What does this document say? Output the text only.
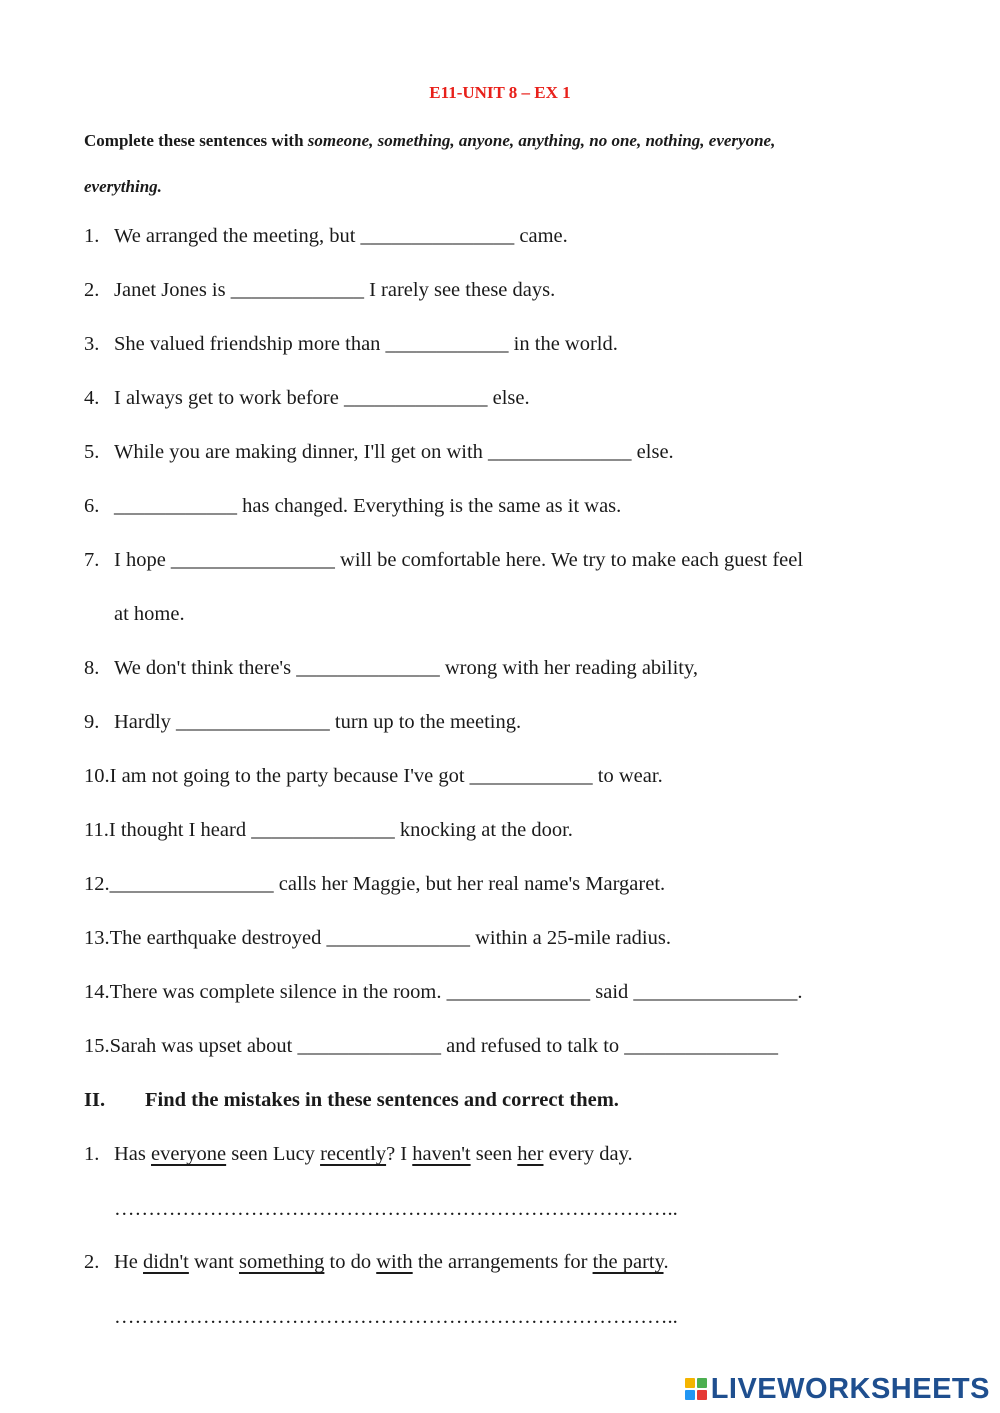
E11-UNIT 8 – EX 1
Complete these sentences with someone, something, anyone, anything, no one, nothing, everyone,
everything.
1. We arranged the meeting, but _______________ came.
2. Janet Jones is _____________ I rarely see these days.
3. She valued friendship more than ____________ in the world.
4. I always get to work before ______________ else.
5. While you are making dinner, I'll get on with ______________ else.
6. ____________ has changed. Everything is the same as it was.
7. I hope ________________ will be comfortable here. We try to make each guest feel
at home.
8. We don't think there's ______________ wrong with her reading ability,
9. Hardly _______________ turn up to the meeting.
10.I am not going to the party because I've got ____________ to wear.
11.I thought I heard ______________ knocking at the door.
12.________________ calls her Maggie, but her real name's Margaret.
13.The earthquake destroyed ______________ within a 25-mile radius.
14.There was complete silence in the room. ______________ said ________________.
15.Sarah was upset about ______________ and refused to talk to _______________
II. Find the mistakes in these sentences and correct them.
1. Has everyone seen Lucy recently? I haven't seen her every day.
………………………………………………………………………..
2. He didn't want something to do with the arrangements for the party.
………………………………………………………………………..
LIVEWORKSHEETS
